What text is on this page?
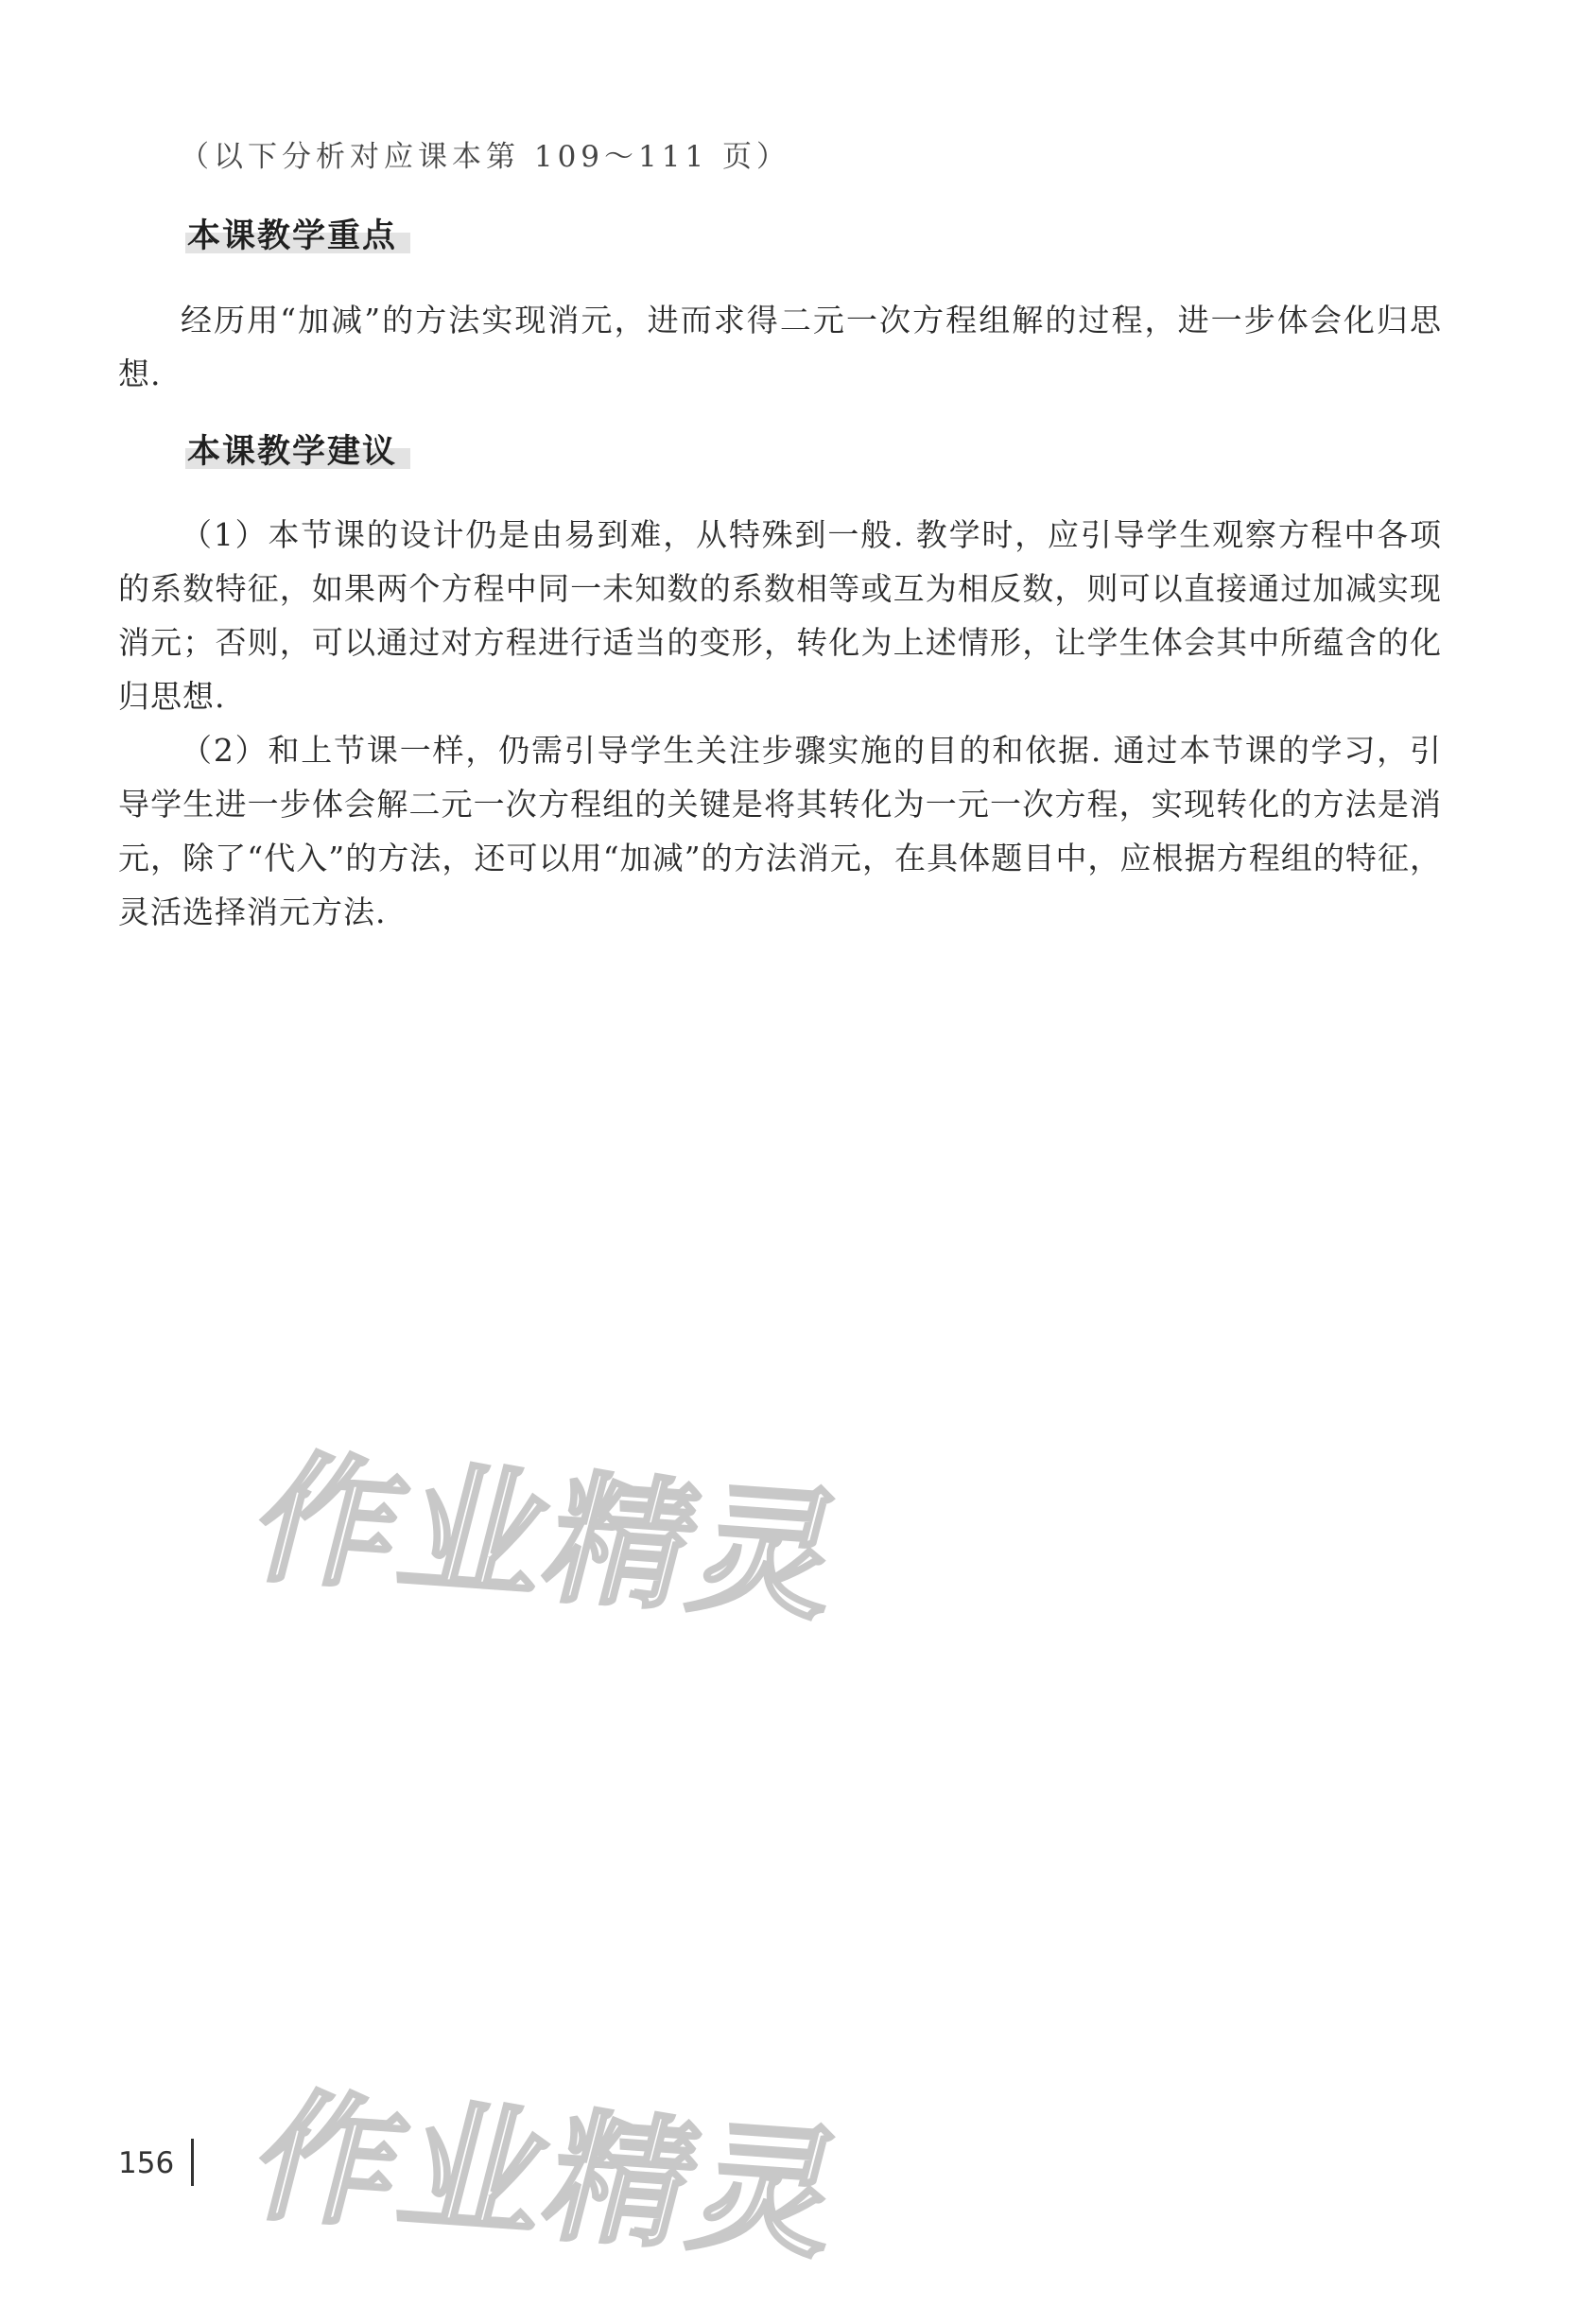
（以下分析对应课本第 109～111 页）
本课教学重点

经历用“加减”的方法实现消元，进而求得二元一次方程组解的过程，进一步体会化归思想.

本课教学建议

（1）本节课的设计仍是由易到难，从特殊到一般. 教学时，应引导学生观察方程中各项的系数特征，如果两个方程中同一未知数的系数相等或互为相反数，则可以直接通过加减实现消元；否则，可以通过对方程进行适当的变形，转化为上述情形，让学生体会其中所蕴含的化归思想.

（2）和上节课一样，仍需引导学生关注步骤实施的目的和依据. 通过本节课的学习，引导学生进一步体会解二元一次方程组的关键是将其转化为一元一次方程，实现转化的方法是消元，除了“代入”的方法，还可以用“加减”的方法消元，在具体题目中，应根据方程组的特征，灵活选择消元方法.

作业精灵
作业精灵
156
